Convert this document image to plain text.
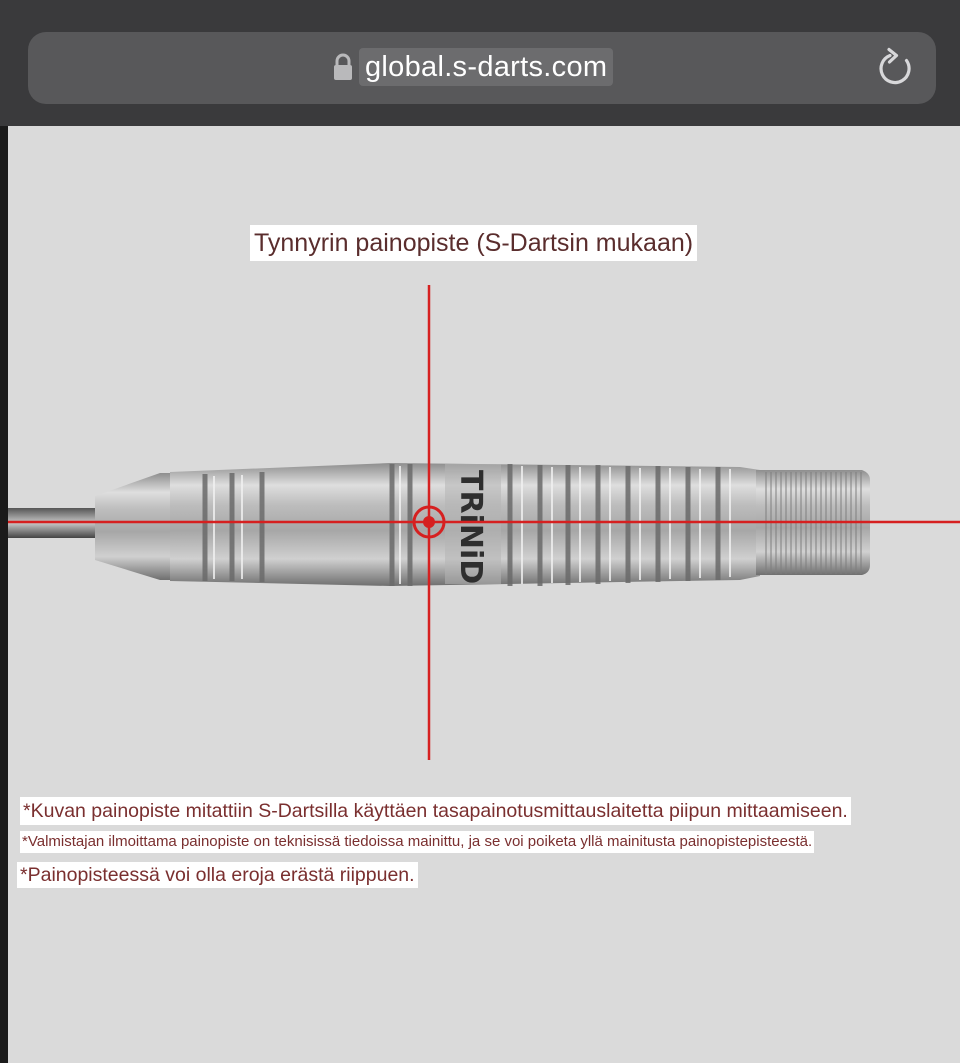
global.s-darts.com
TRiNiD
Tynnyrin painopiste (S-Dartsin mukaan)
*Kuvan painopiste mitattiin S-Dartsilla käyttäen tasapainotusmittauslaitetta piipun mittaamiseen.
*Valmistajan ilmoittama painopiste on teknisissä tiedoissa mainittu, ja se voi poiketa yllä mainitusta painopistepisteestä.
*Painopisteessä voi olla eroja erästä riippuen.
